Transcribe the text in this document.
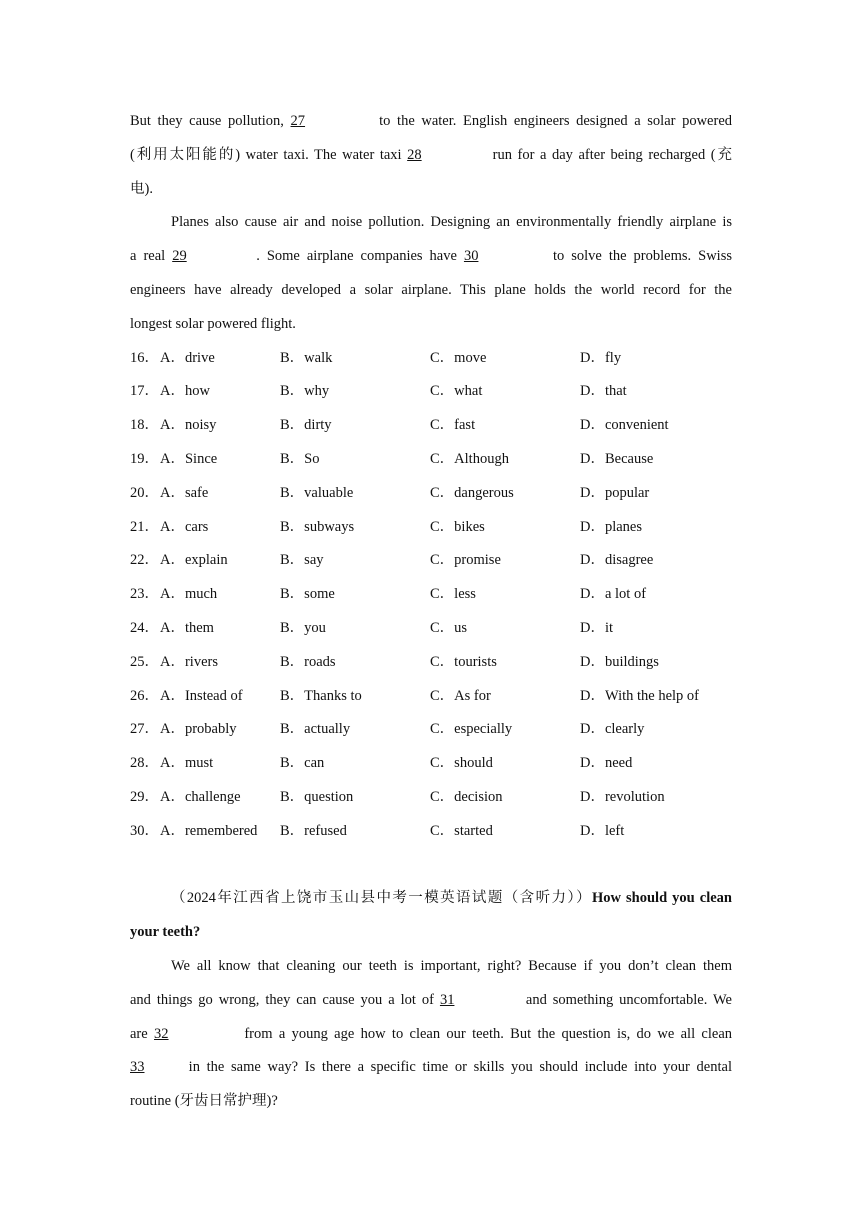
But they cause pollution, 27	to the water. English engineers designed a solar powered
(利用太阳能的) water taxi. The water taxi 28	run for a day after being recharged (充
电).
Planes also cause air and noise pollution. Designing an environmentally friendly airplane is
a real 29	. Some airplane companies have 30	to solve the problems. Swiss
engineers have already developed a solar airplane. This plane holds the world record for the
longest solar powered flight.
16． A．drive	B．walk	C．move	D．fly
17． A．how	B．why	C．what	D．that
18． A．noisy	B．dirty	C．fast	D．convenient
19． A．Since	B．So	C．Although	D．Because
20． A．safe	B．valuable	C．dangerous	D．popular
21． A．cars	B．subways	C．bikes	D．planes
22． A．explain	B．say	C．promise	D．disagree
23． A．much	B．some	C．less	D．a lot of
24． A．them	B．you	C．us	D．it
25． A．rivers	B．roads	C．tourists	D．buildings
26． A．Instead of	B．Thanks to	C．As for	D．With the help of
27． A．probably	B．actually	C．especially	D．clearly
28． A．must	B．can	C．should	D．need
29． A．challenge	B．question	C．decision	D．revolution
30． A．remembered	B．refused	C．started	D．left
（2024年江西省上饶市玉山县中考一模英语试题（含听力））How should you clean
your teeth?
We all know that cleaning our teeth is important, right? Because if you don’t clean them
and things go wrong, they can cause you a lot of 31	and something uncomfortable. We
are 32	from a young age how to clean our teeth. But the question is, do we all clean
33	in the same way? Is there a specific time or skills you should include into your dental
routine (牙齿日常护理)?
